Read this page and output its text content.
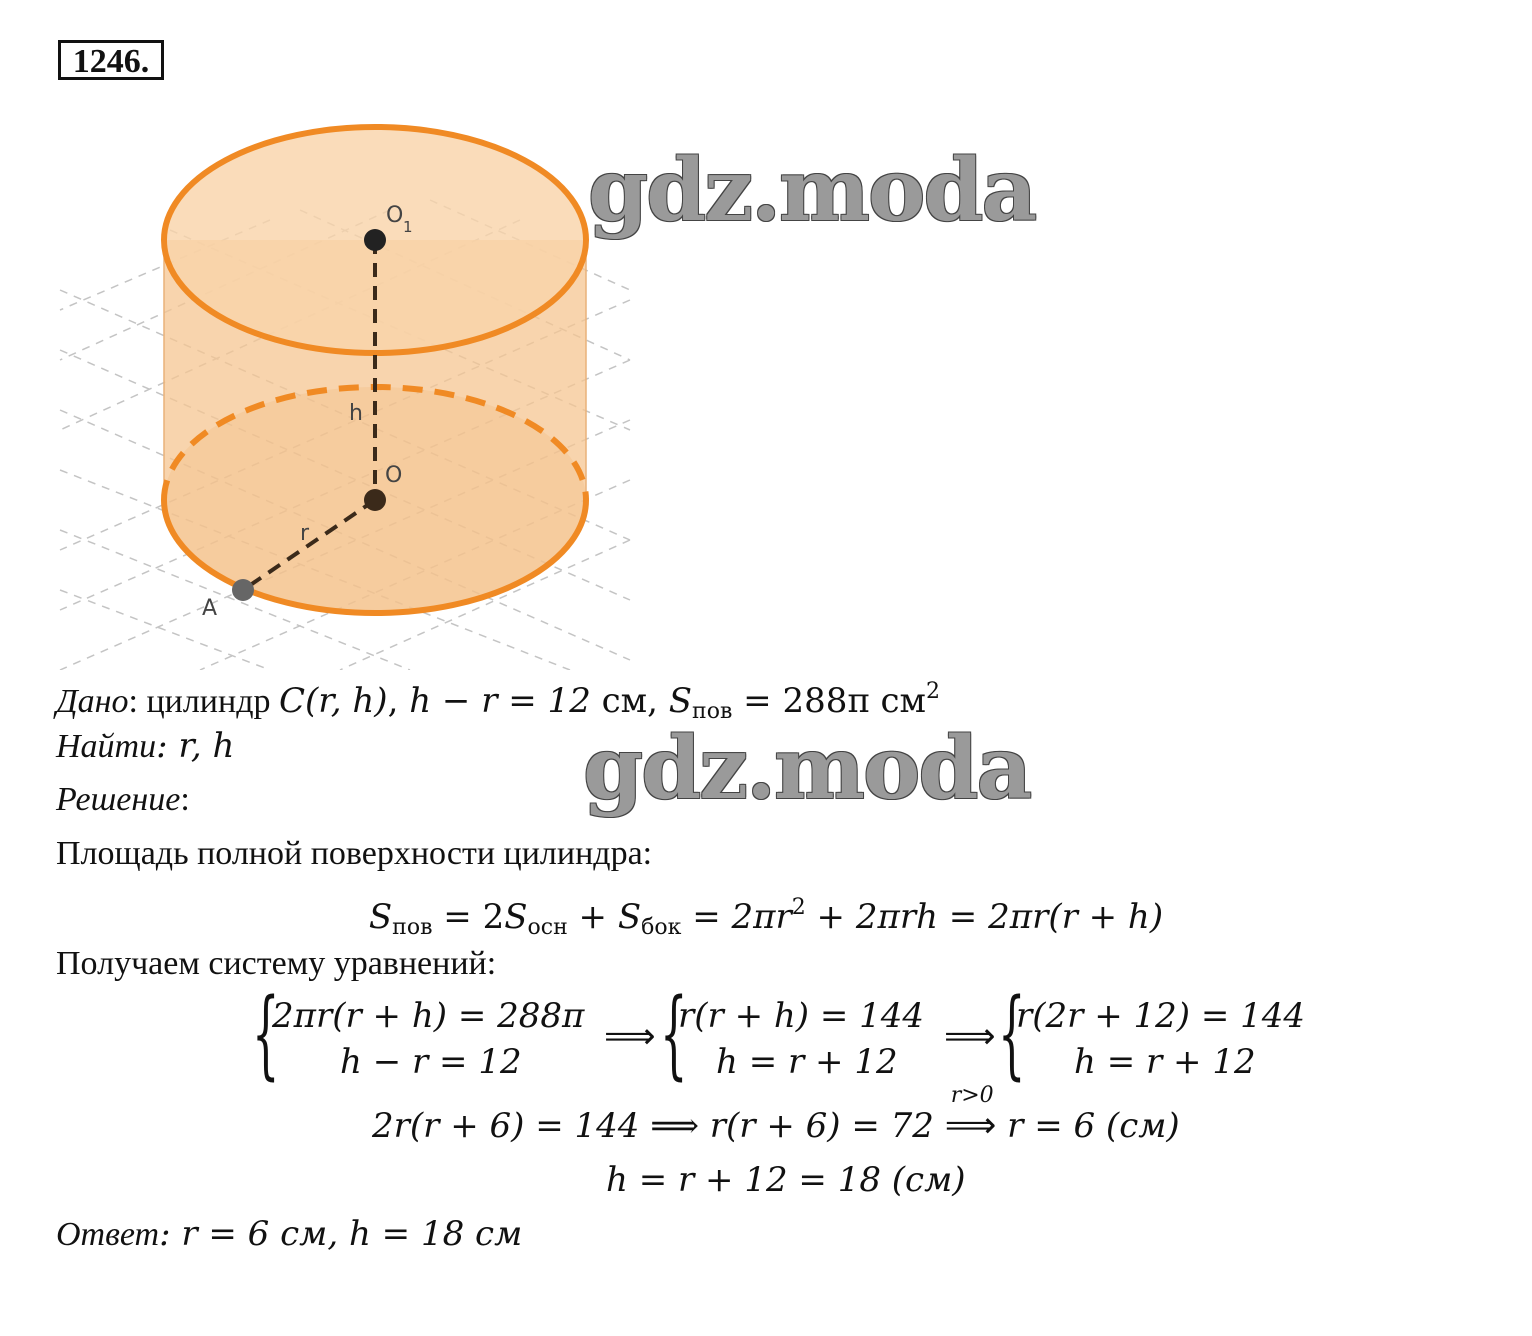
1246.
O 1
h
O
r
A
gdz.moda
Дано: цилиндр C(r, h), h − r = 12 см, $S_{пов} = 288\pi$ $см^2$
Найти: r, h	gdz.moda
Решение:
Площадь полной поверхности цилиндра:
$S_{пов} = 2S_{осн} + S_{бок} = 2\pi r^2 + 2\pi rh = 2\pi r(r + h)$
Получаем систему уравнений:
{
2πr(r + h) = 288π
h − r = 12
⟹ {
r(r + h) = 144
h = r + 12
⟹ {
r(2r + 12) = 144
h = r + 12
2r(r + 6) = 144 ⟹ r(r + 6) = 72
r>0
⟹ r = 6 (см)
h = r + 12 = 18 (см)
Ответ: r = 6 см, h = 18 см
